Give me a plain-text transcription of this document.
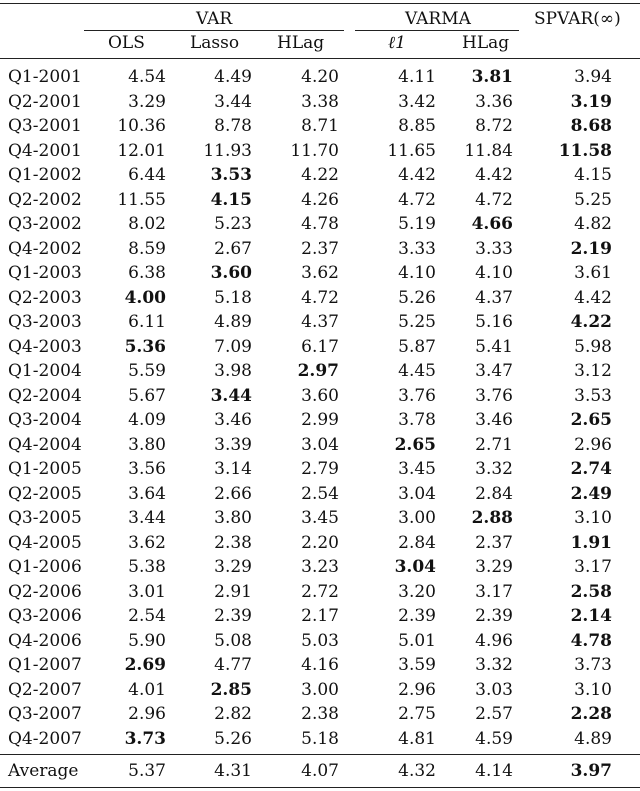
VAR	VARMA	SPVAR(∞)
OLS	Lasso HLag	ℓ1	HLag
Q1-2001	4.54	4.49	4.20	4.11 3.81	3.94
Q2-2001	3.29	3.44	3.38	3.42 3.36	3.19
Q3-2001 10.36	8.78	8.71	8.85 8.72	8.68
Q4-2001 12.01 11.93 11.70	11.65 11.84	11.58
Q1-2002	6.44	3.53	4.22	4.42 4.42	4.15
Q2-2002 11.55	4.15	4.26	4.72 4.72	5.25
Q3-2002	8.02	5.23	4.78	5.19 4.66	4.82
Q4-2002	8.59	2.67	2.37	3.33 3.33	2.19
Q1-2003	6.38	3.60	3.62	4.10 4.10	3.61
Q2-2003	4.00	5.18	4.72	5.26 4.37	4.42
Q3-2003	6.11	4.89	4.37	5.25 5.16	4.22
Q4-2003	5.36	7.09	6.17	5.87 5.41	5.98
Q1-2004	5.59	3.98	2.97	4.45 3.47	3.12
Q2-2004	5.67	3.44	3.60	3.76 3.76	3.53
Q3-2004	4.09	3.46	2.99	3.78 3.46	2.65
Q4-2004	3.80	3.39	3.04	2.65 2.71	2.96
Q1-2005	3.56	3.14	2.79	3.45 3.32	2.74
Q2-2005	3.64	2.66	2.54	3.04 2.84	2.49
Q3-2005	3.44	3.80	3.45	3.00 2.88	3.10
Q4-2005	3.62	2.38	2.20	2.84 2.37	1.91
Q1-2006	5.38	3.29	3.23	3.04 3.29	3.17
Q2-2006	3.01	2.91	2.72	3.20 3.17	2.58
Q3-2006	2.54	2.39	2.17	2.39 2.39	2.14
Q4-2006	5.90	5.08	5.03	5.01 4.96	4.78
Q1-2007	2.69	4.77	4.16	3.59 3.32	3.73
Q2-2007	4.01	2.85	3.00	2.96 3.03	3.10
Q3-2007	2.96	2.82	2.38	2.75 2.57	2.28
Q4-2007	3.73	5.26	5.18	4.81 4.59	4.89
Average	5.37	4.31	4.07	4.32 4.14	3.97
